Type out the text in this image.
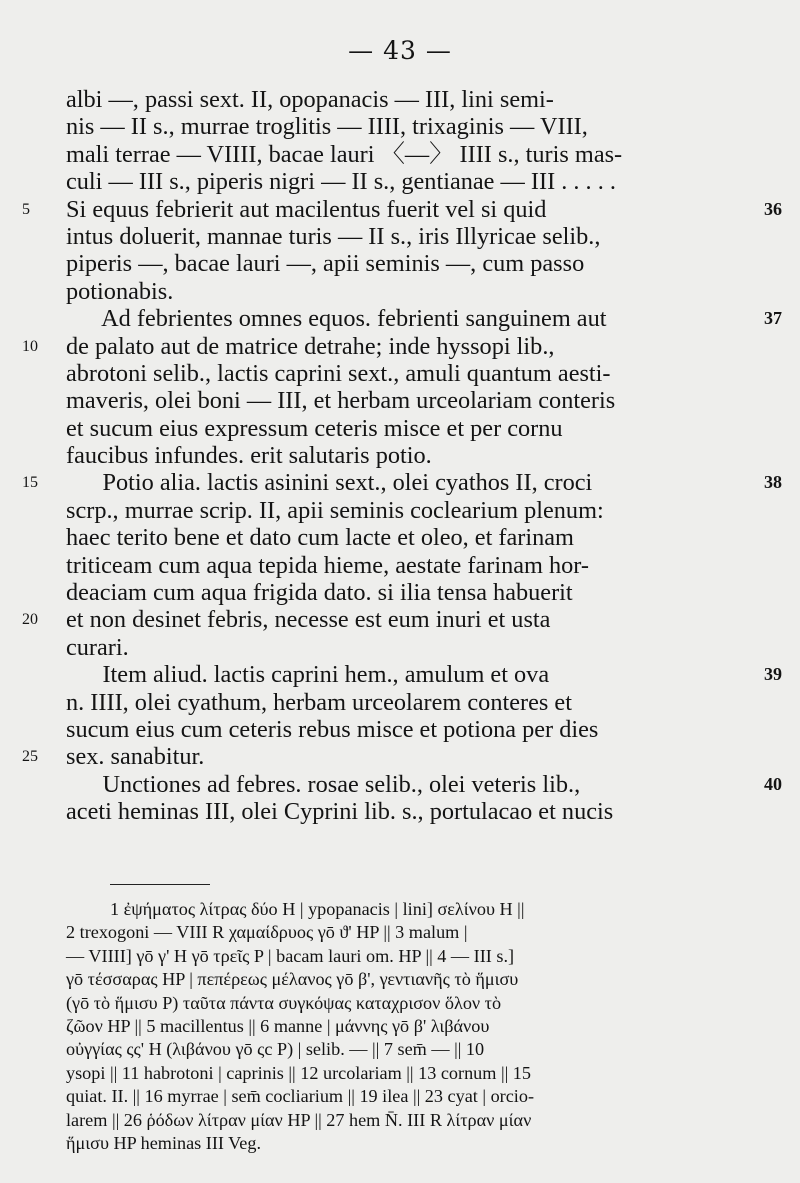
— 43 —
albi —, passi sext. II, opopanacis — III, lini semi-
nis — II s., murrae troglitis — IIII, trixaginis — VIII,
mali terrae — VIIII, bacae lauri 〈—〉 IIII s., turis mas-
culi — III s., piperis nigri — II s., gentianae — III . . . . .
5 Si equus febrierit aut macilentus fuerit vel si quid	36
intus doluerit, mannae turis — II s., iris Illyricae selib.,
piperis —, bacae lauri —, apii seminis —, cum passo
potionabis.
Ad febrientes omnes equos. febrienti sanguinem aut	37
10 de palato aut de matrice detrahe; inde hyssopi lib.,
abrotoni selib., lactis caprini sext., amuli quantum aesti-
maveris, olei boni — III, et herbam urceolariam conteris
et sucum eius expressum ceteris misce et per cornu
faucibus infundes. erit salutaris potio.
15 Potio alia. lactis asinini sext., olei cyathos II, croci	38
scrp., murrae scrip. II, apii seminis coclearium plenum:
haec terito bene et dato cum lacte et oleo, et farinam
triticeam cum aqua tepida hieme, aestate farinam hor-
deaciam cum aqua frigida dato. si ilia tensa habuerit
20 et non desinet febris, necesse est eum inuri et usta
curari.
Item aliud. lactis caprini hem., amulum et ova	39
n. IIII, olei cyathum, herbam urceolarem conteres et
sucum eius cum ceteris rebus misce et potiona per dies
25 sex. sanabitur.
Unctiones ad febres. rosae selib., olei veteris lib.,	40
aceti heminas III, olei Cyprini lib. s., portulacao et nucis
1 ἐψήματος λίτρας δύο H | ypopanacis | lini] σελίνου H ||
2 trexogoni — VIII R χαμαίδρυος γō ϑ' HP || 3 malum |
— VIIII] γō γ' H γō τρεῖς P | bacam lauri om. HP || 4 — III s.]
γō τέσσαρας HP | πεπέρεως μέλανος γō β', γεντιανῆς τὸ ἥμισυ
(γō τὸ ἥμισυ P) ταῦτα πάντα συγκόψας καταχρισον ὅλον τὸ
ζῶον HP || 5 macillentus || 6 manne | μάννης γō β' λιβάνου
οὐγγίας ςς' H (λιβάνου γō ςc P) | selib. — || 7 sem̄ — || 10
ysopi || 11 habrotoni | caprinis || 12 urcolariam || 13 cornum || 15
quiat. II. || 16 myrrae | sem̄ cocliarium || 19 ilea || 23 cyat | orcio-
larem || 26 ῥόδων λίτραν μίαν HP || 27 hem N̄. III R λίτραν μίαν
ἥμισυ HP heminas III Veg.
